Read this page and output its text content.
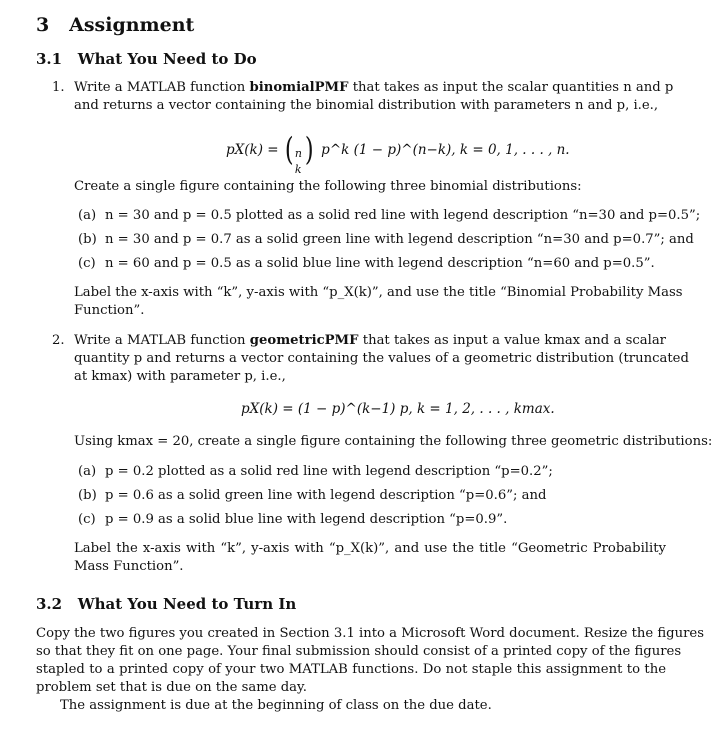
3 Assignment
3.1 What You Need to Do
1. Write a MATLAB function binomialPMF that takes as input the scalar quantities n and p
and returns a vector containing the binomial distribution with parameters n and p, i.e.,
pX(k) = ( n
k
) p^k (1 − p)^(n−k), k = 0, 1, . . . , n.
Create a single figure containing the following three binomial distributions:
(a) n = 30 and p = 0.5 plotted as a solid red line with legend description “n=30 and p=0.5”;
(b) n = 30 and p = 0.7 as a solid green line with legend description “n=30 and p=0.7”; and
(c) n = 60 and p = 0.5 as a solid blue line with legend description “n=60 and p=0.5”.
Label the x-axis with “k”, y-axis with “p_X(k)”, and use the title “Binomial Probability Mass
Function”.
2. Write a MATLAB function geometricPMF that takes as input a value kmax and a scalar
quantity p and returns a vector containing the values of a geometric distribution (truncated
at kmax) with parameter p, i.e.,
pX(k) = (1 − p)^(k−1) p, k = 1, 2, . . . , kmax.
Using kmax = 20, create a single figure containing the following three geometric distributions:
(a) p = 0.2 plotted as a solid red line with legend description “p=0.2”;
(b) p = 0.6 as a solid green line with legend description “p=0.6”; and
(c) p = 0.9 as a solid blue line with legend description “p=0.9”.
Label the x-axis with “k”, y-axis with “p_X(k)”, and use the title “Geometric Probability
Mass Function”.
3.2 What You Need to Turn In
Copy the two figures you created in Section 3.1 into a Microsoft Word document. Resize the figures
so that they fit on one page. Your final submission should consist of a printed copy of the figures
stapled to a printed copy of your two MATLAB functions. Do not staple this assignment to the
problem set that is due on the same day.
The assignment is due at the beginning of class on the due date.
